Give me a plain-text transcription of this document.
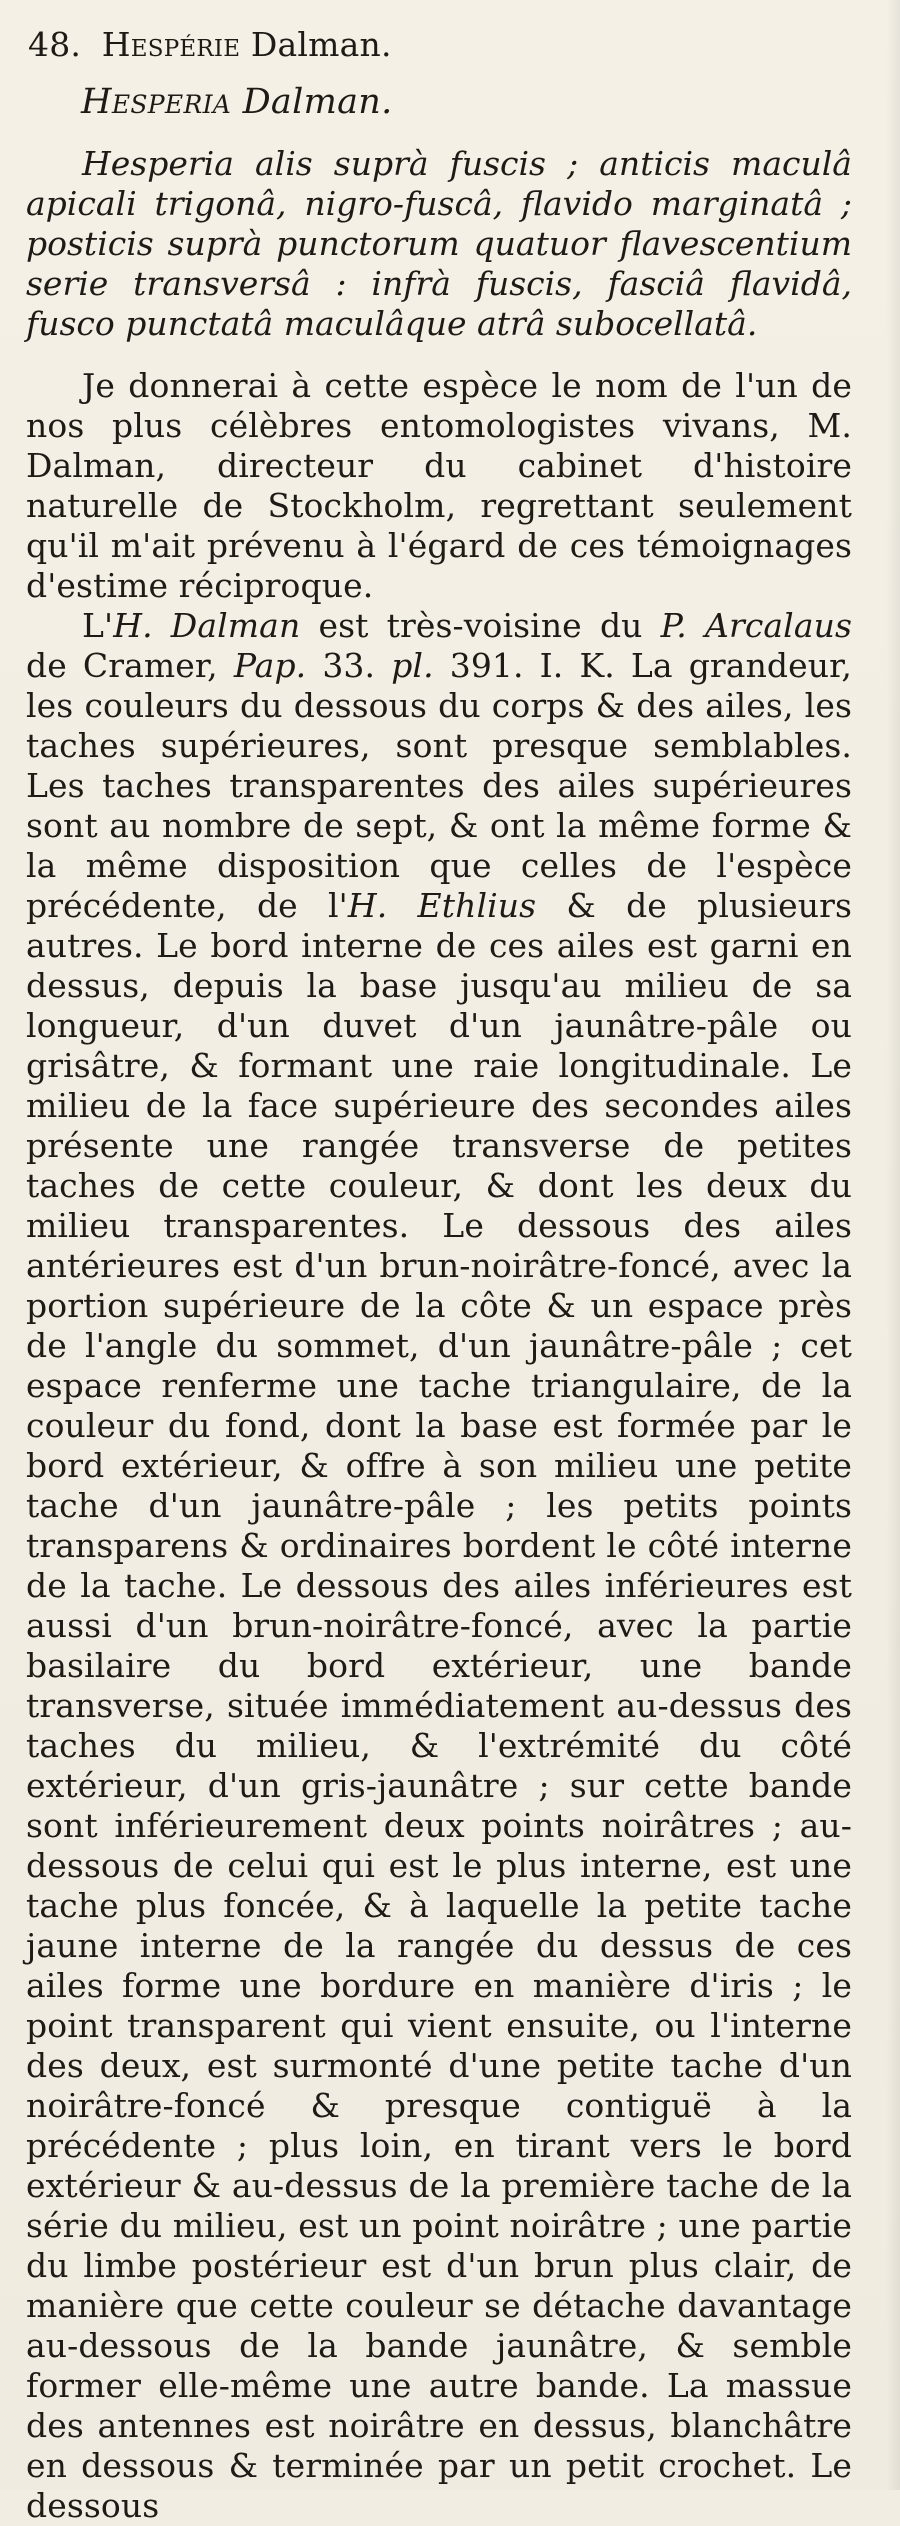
48. Hespérie Dalman.
Hesperia Dalman.

Hesperia alis suprà fuscis ; anticis maculâ apicali trigonâ, nigro-fuscâ, flavido marginatâ ; posticis suprà punctorum quatuor flavescentium serie transversâ : infrà fuscis, fasciâ flavidâ, fusco punctatâ maculâque atrâ subocellatâ.

Je donnerai à cette espèce le nom de l'un de nos plus célèbres entomologistes vivans, M. Dalman, directeur du cabinet d'histoire naturelle de Stockholm, regrettant seulement qu'il m'ait prévenu à l'égard de ces témoignages d'estime réciproque.

L'H. Dalman est très-voisine du P. Arcalaus de Cramer, Pap. 33. pl. 391. I. K. La grandeur, les couleurs du dessous du corps & des ailes, les taches supérieures, sont presque semblables. Les taches transparentes des ailes supérieures sont au nombre de sept, & ont la même forme & la même disposition que celles de l'espèce précédente, de l'H. Ethlius & de plusieurs autres. Le bord interne de ces ailes est garni en dessus, depuis la base jusqu'au milieu de sa longueur, d'un duvet d'un jaunâtre-pâle ou grisâtre, & formant une raie longitudinale. Le milieu de la face supérieure des secondes ailes présente une rangée transverse de petites taches de cette couleur, & dont les deux du milieu transparentes. Le dessous des ailes antérieures est d'un brun-noirâtre-foncé, avec la portion supérieure de la côte & un espace près de l'angle du sommet, d'un jaunâtre-pâle ; cet espace renferme une tache triangulaire, de la couleur du fond, dont la base est formée par le bord extérieur, & offre à son milieu une petite tache d'un jaunâtre-pâle ; les petits points transparens & ordinaires bordent le côté interne de la tache. Le dessous des ailes inférieures est aussi d'un brun-noirâtre-foncé, avec la partie basilaire du bord extérieur, une bande transverse, située immédiatement au-dessus des taches du milieu, & l'extrémité du côté extérieur, d'un gris-jaunâtre ; sur cette bande sont inférieurement deux points noirâtres ; au-dessous de celui qui est le plus interne, est une tache plus foncée, & à laquelle la petite tache jaune interne de la rangée du dessus de ces ailes forme une bordure en manière d'iris ; le point transparent qui vient ensuite, ou l'interne des deux, est surmonté d'une petite tache d'un noirâtre-foncé & presque contiguë à la précédente ; plus loin, en tirant vers le bord extérieur & au-dessus de la première tache de la série du milieu, est un point noirâtre ; une partie du limbe postérieur est d'un brun plus clair, de manière que cette couleur se détache davantage au-dessous de la bande jaunâtre, & semble former elle-même une autre bande. La massue des antennes est noirâtre en dessus, blanchâtre en dessous & terminée par un petit crochet. Le dessous
